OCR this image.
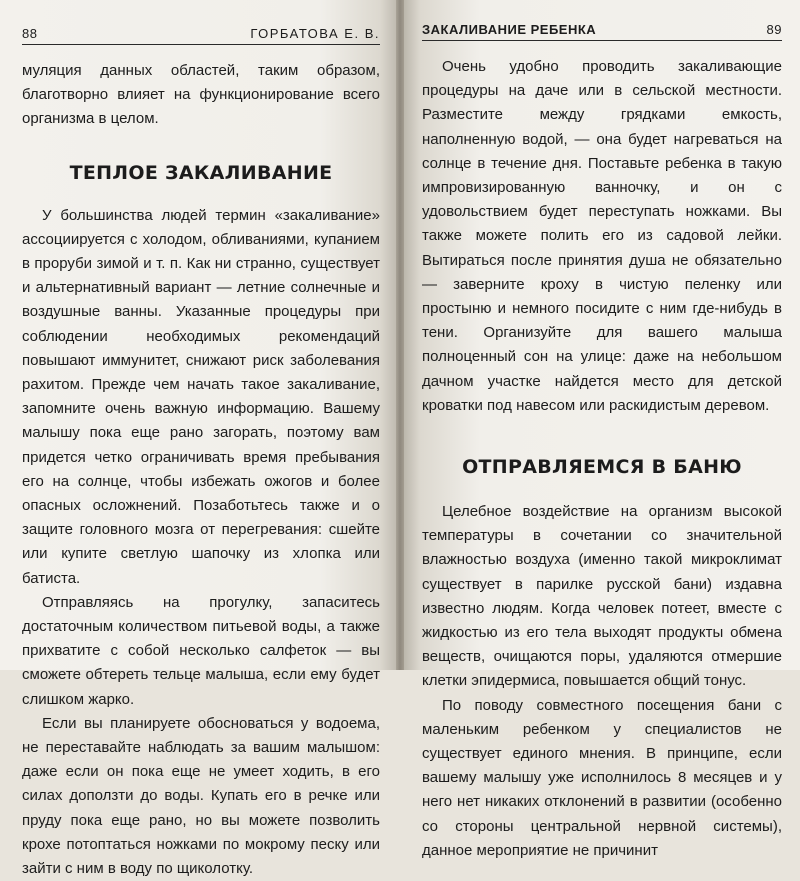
88	ГОРБАТОВА Е. В.

муляция данных областей, таким образом, благотворно влияет на функционирование всего организма в целом.

ТЕПЛОЕ ЗАКАЛИВАНИЕ

У большинства людей термин «закаливание» ассоциируется с холодом, обливаниями, купанием в проруби зимой и т. п. Как ни странно, существует и альтернативный вариант — летние солнечные и воздушные ванны. Указанные процедуры при соблюдении необходимых рекомендаций повышают иммунитет, снижают риск заболевания рахитом. Прежде чем начать такое закаливание, запомните очень важную информацию. Вашему малышу пока еще рано загорать, поэтому вам придется четко ограничивать время пребывания его на солнце, чтобы избежать ожогов и более опасных осложнений. Позаботьтесь также и о защите головного мозга от перегревания: сшейте или купите светлую шапочку из хлопка или батиста.

Отправляясь на прогулку, запаситесь достаточным количеством питьевой воды, а также прихватите с собой несколько салфеток — вы сможете обтереть тельце малыша, если ему будет слишком жарко.

Если вы планируете обосноваться у водоема, не переставайте наблюдать за вашим малышом: даже если он пока еще не умеет ходить, в его силах доползти до воды. Купать его в речке или пруду пока еще рано, но вы можете позволить крохе потоптаться ножками по мокрому песку или зайти с ним в воду по щиколотку.

ЗАКАЛИВАНИЕ РЕБЕНКА	89

Очень удобно проводить закаливающие процедуры на даче или в сельской местности. Разместите между грядками емкость, наполненную водой, — она будет нагреваться на солнце в течение дня. Поставьте ребенка в такую импровизированную ванночку, и он с удовольствием будет переступать ножками. Вы также можете полить его из садовой лейки. Вытираться после принятия душа не обязательно — заверните кроху в чистую пеленку или простыню и немного посидите с ним где-нибудь в тени. Организуйте для вашего малыша полноценный сон на улице: даже на небольшом дачном участке найдется место для детской кроватки под навесом или раскидистым деревом.

ОТПРАВЛЯЕМСЯ В БАНЮ

Целебное воздействие на организм высокой температуры в сочетании со значительной влажностью воздуха (именно такой микроклимат существует в парилке русской бани) издавна известно людям. Когда человек потеет, вместе с жидкостью из его тела выходят продукты обмена веществ, очищаются поры, удаляются отмершие клетки эпидермиса, повышается общий тонус.

По поводу совместного посещения бани с маленьким ребенком у специалистов не существует единого мнения. В принципе, если вашему малышу уже исполнилось 8 месяцев и у него нет никаких отклонений в развитии (особенно со стороны центральной нервной системы), данное мероприятие не причинит
